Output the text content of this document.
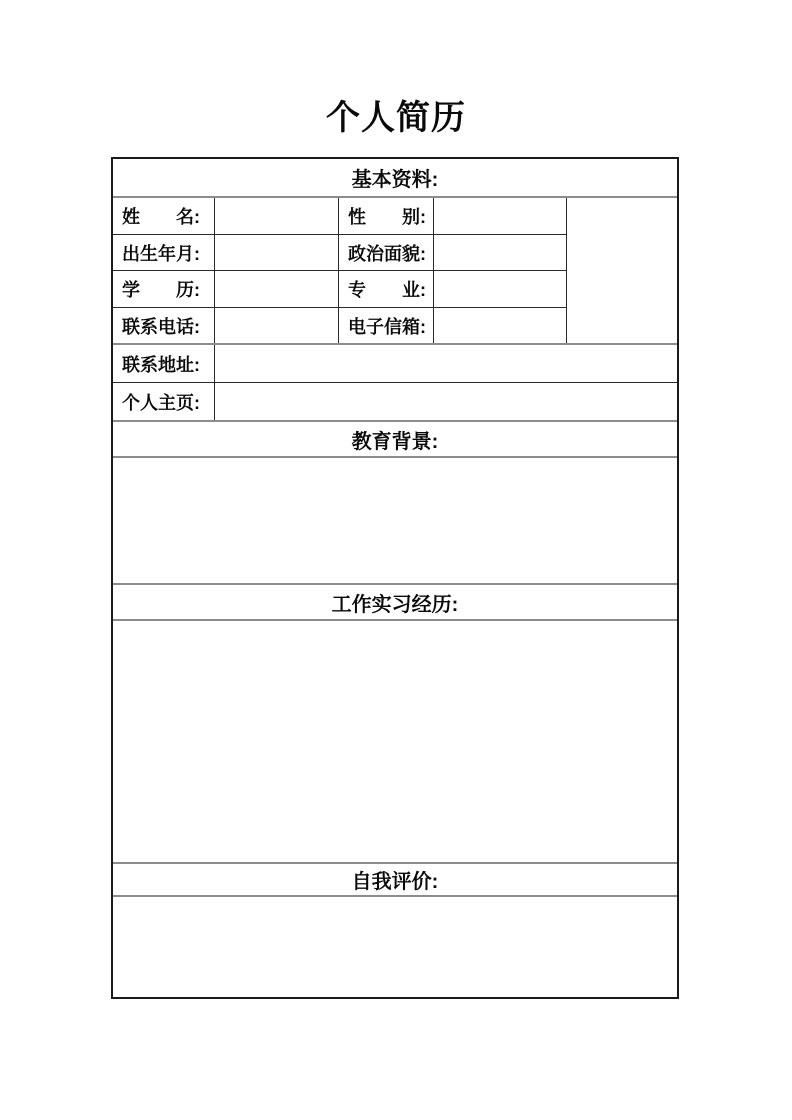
个人简历
基本资料:
姓　　名:	性　　别:
出生年月:	政治面貌:
学　　历:	专　　业:
联系电话:	电子信箱:
联系地址:
个人主页:
教育背景:
工作实习经历:
自我评价:
